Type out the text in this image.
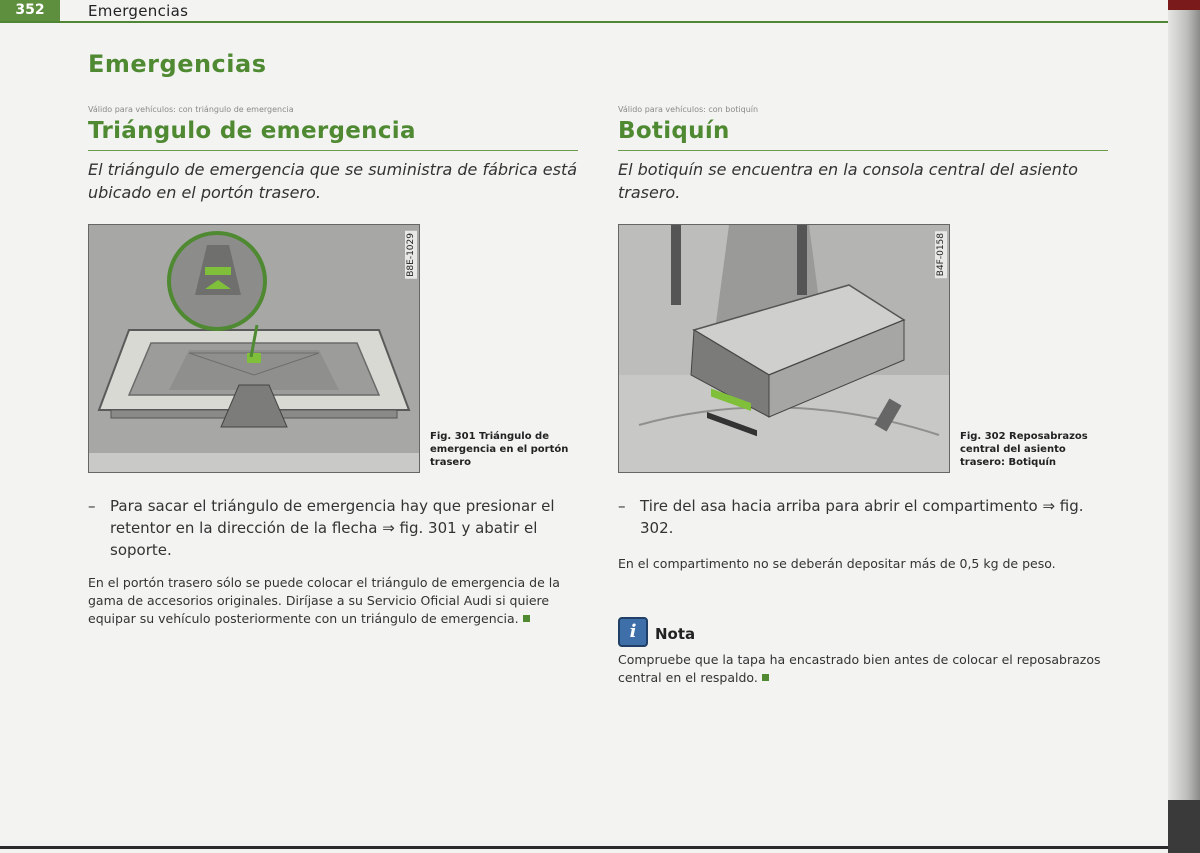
352	Emergencias
Emergencias
Válido para vehículos: con triángulo de emergencia
Triángulo de emergencia
El triángulo de emergencia que se suministra de fábrica está ubicado en el portón trasero.
B8E-1029
Fig. 301 Triángulo de emergencia en el portón trasero
– Para sacar el triángulo de emergencia hay que presionar el retentor en la dirección de la flecha ⇒ fig. 301 y abatir el soporte.
En el portón trasero sólo se puede colocar el triángulo de emergencia de la gama de accesorios originales. Diríjase a su Servicio Oficial Audi si quiere equipar su vehículo posteriormente con un triángulo de emergencia.
Válido para vehículos: con botiquín
Botiquín
El botiquín se encuentra en la consola central del asiento trasero.
B4F-0158
Fig. 302 Reposabrazos central del asiento trasero: Botiquín
– Tire del asa hacia arriba para abrir el compartimento ⇒ fig. 302.
En el compartimento no se deberán depositar más de 0,5 kg de peso.
i	Nota
Compruebe que la tapa ha encastrado bien antes de colocar el reposabrazos central en el respaldo.
